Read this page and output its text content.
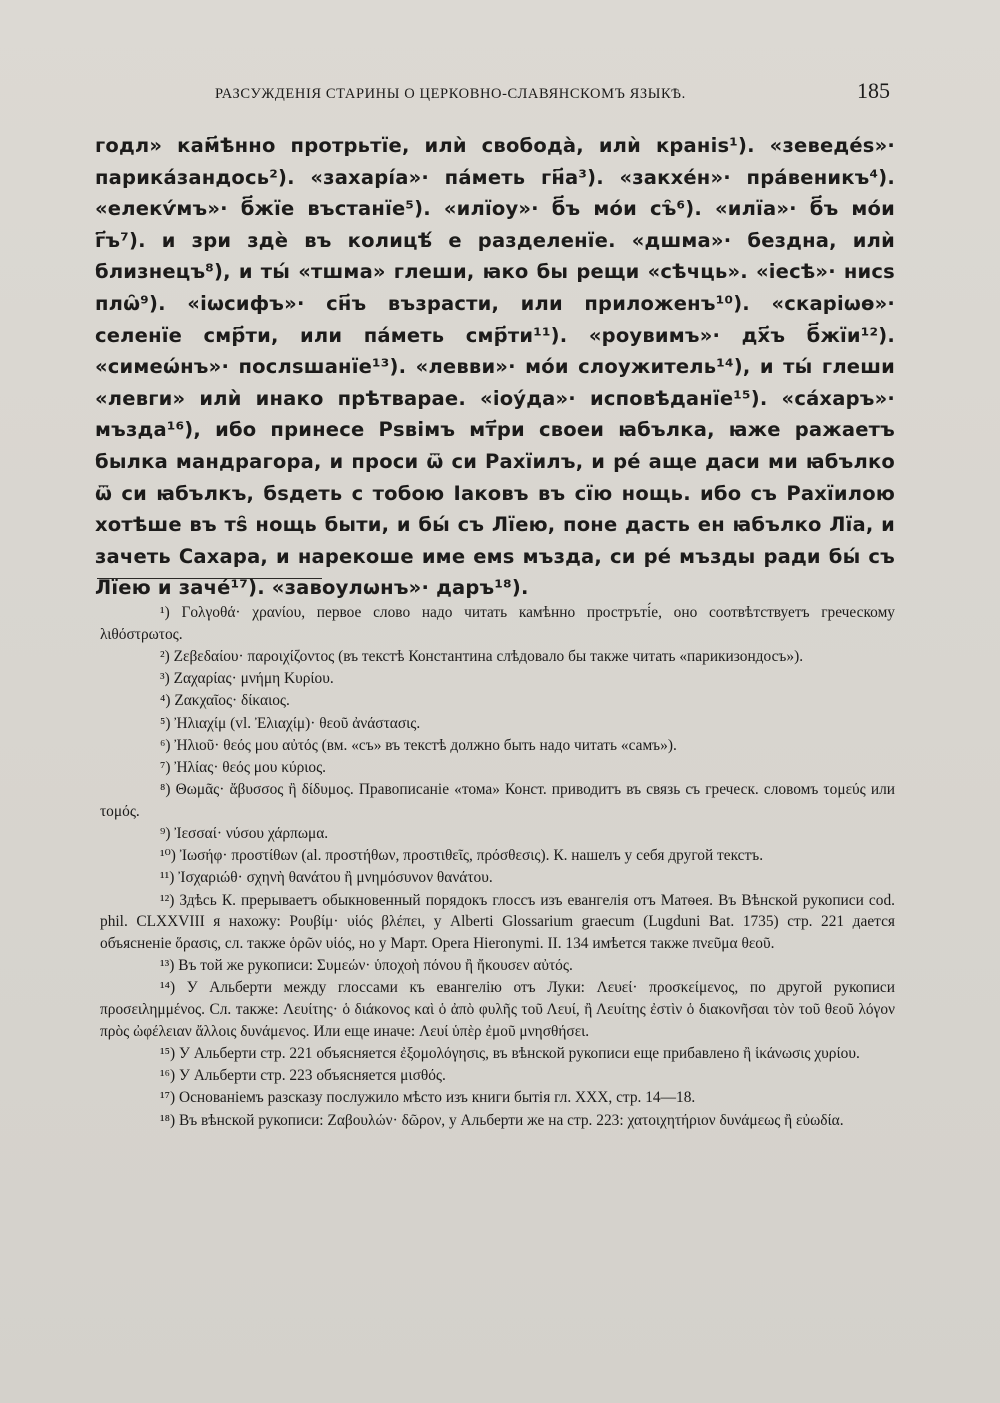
РАЗСУЖДЕНІЯ СТАРИНЫ О ЦЕРКОВНО-СЛАВЯНСКОМЪ ЯЗЫКѢ.	185

годл» кам҃ѣнно протрьтїе, илѝ свобода̀, илѝ краніѕ¹). «зеведе́ѕ»· парика́зандось²). «захарі́а»· па́меть гн҃а³). «закхе́н»· пра́веникъ⁴). «елекѵ́мъ»· б҃жїе въстанїе⁵). «илїоу»· б҃ъ мо́и съ̑⁶). «илїа»· б҃ъ мо́и г҃ъ⁷). и зри здѐ въ колицѣ́ е разделенїе. «дшма»· безднa, илѝ близнецъ⁸), и ты́ «тшма» глеши, ꙗко бы рещи «сѣчць». «іесѣ»· нисѕ плѡ̑⁹). «іѡсифъ»· сн҃ъ възрасти, или приложенъ¹⁰). «скаріѡѳ»· селенїе смр҃ти, или па́меть смр҃ти¹¹). «роувимъ»· дх҃ъ б҃жїи¹²). «симеѡ́нъ»· послѕшанїе¹³). «левви»· мо́и слоужитель¹⁴), и ты́ глеши «левги» илѝ инако прѣтварае. «іоу́да»· исповѣданїе¹⁵). «са́харъ»· мъзда¹⁶), ибо принесе Рѕвімъ мт҃ри своеи ꙗбълка, ꙗже ражаетъ былка мандрагора, и проси ѿ си Рахїилъ, и ре́ аще даси ми ꙗбълко ѿ си ꙗбълкъ, бѕдеть с тобою Іаковъ въ сїю нощь. ибо съ Рахїилою хотѣше въ тѕ̑ нощь быти, и бы́ съ Лїею, поне дасть ен ꙗбълко Лїа, и зачеть Сахара, и нарекоше име емѕ мъзда, си ре́ мъзды ради бы́ съ Лїею и заче́¹⁷). «завоулѡнъ»· даръ¹⁸).

¹) Γολγοθά· χρανίου, первое слово надо читать камѣнно простръті́е, оно соотвѣтствуетъ греческому λιθόστρωτος.

²) Ζεβεδαίου· παροιχίζοντος (въ текстѣ Константина слѣдовало бы также читать «парикизондосъ»).

³) Ζαχαρίας· μνήμη Κυρίου.

⁴) Ζακχαῖος· δίκαιος.

⁵) Ἠλιαχίμ (vl. Ἐλιαχίμ)· θεοῦ ἀνάστασις.

⁶) Ἠλιοῦ· θεός μου αὐτός (вм. «съ» въ текстѣ должно быть надо читать «самъ»).

⁷) Ἠλίας· θεός μου κύριος.

⁸) Θωμᾶς· ἄβυσσος ἢ δίδυμος. Правописаніе «тома» Конст. приводитъ въ связь съ греческ. словомъ τομεύς или τομός.

⁹) Ἰεσσαί· νύσου χάρπωμα.

¹⁰) Ἰωσήφ· προστίθων (al. προστήθων, προστιθεῖς, πρόσθεσις). К. нашелъ у себя другой текстъ.

¹¹) Ἰσχαριώθ· σχηνὴ θανάτου ἢ μνημόσυνον θανάτου.

¹²) Здѣсь К. прерываетъ обыкновенный порядокъ глоссъ изъ евангелія отъ Матѳея. Въ Вѣнской рукописи cod. phil. CLXXVIII я нахожу: Ρουβίμ· υἱός βλέπει, у Alberti Glossarium graecum (Lugduni Bat. 1735) стр. 221 дается объясненіе ὅρασις, сл. также ὁρῶν υἱός, но у Март. Opera Hieronymi. II. 134 имѣется также πνεῦμα θεοῦ.

¹³) Въ той же рукописи: Συμεών· ὑποχοὴ πόνου ἢ ἤκουσεν αὐτός.

¹⁴) У Альберти между глоссами къ евангелію отъ Луки: Λευεί· προσκείμενος, по другой рукописи προσειλημμένος. Сл. также: Λευίτης· ὁ διάκονος καὶ ὁ ἀπὸ φυλῆς τοῦ Λευί, ἢ Λευίτης ἐστὶν ὁ διακονῆσαι τὸν τοῦ θεοῦ λόγον πρὸς ὠφέλειαν ἄλλοις δυνάμενος. Или еще иначе: Λευί ὑπὲρ ἐμοῦ μνησθήσει.

¹⁵) У Альберти стр. 221 объясняется ἐξομολόγησις, въ вѣнской рукописи еще прибавлено ἢ ἱκάνωσις χυρίου.

¹⁶) У Альберти стр. 223 объясняется μισθός.

¹⁷) Основаніемъ разсказу послужило мѣсто изъ книги бытія гл. XXX, стр. 14—18.

¹⁸) Въ вѣнской рукописи: Ζαβουλών· δῶρον, у Альберти же на стр. 223: χατοιχητήριον δυνάμεως ἢ εὐωδία.
